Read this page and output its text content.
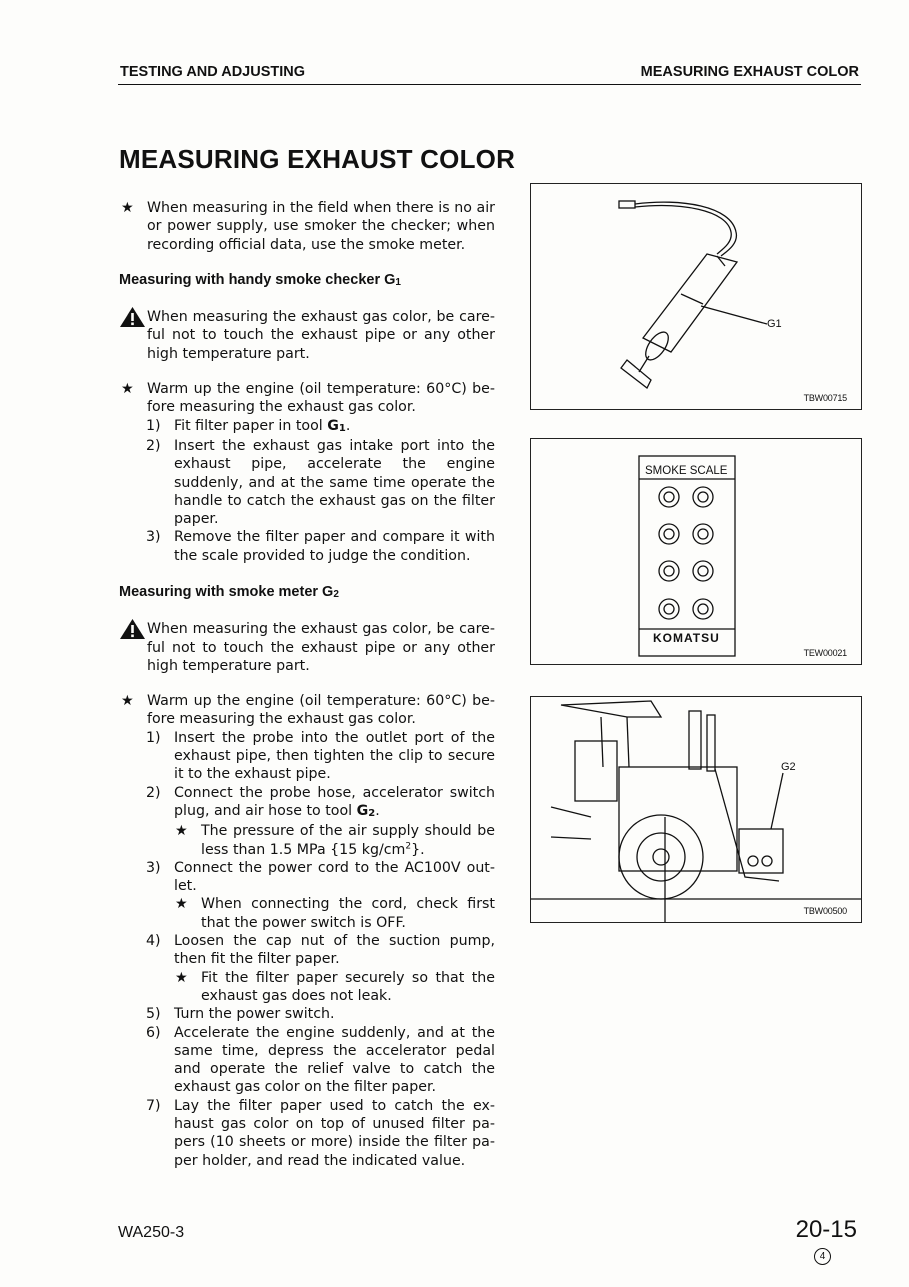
TESTING AND ADJUSTING	MEASURING EXHAUST COLOR
MEASURING EXHAUST COLOR

★ When measuring in the field when there is no air or power supply, use smoker the checker; when recording official data, use the smoke meter.

Measuring with handy smoke checker $G_1$

When measuring the exhaust gas color, be care-ful not to touch the exhaust pipe or any other high temperature part.

★ Warm up the engine (oil temperature: 60°C) be-fore measuring the exhaust gas color.

1) Fit filter paper in tool $G_1$.
2) Insert the exhaust gas intake port into the exhaust pipe, accelerate the engine suddenly, and at the same time operate the handle to catch the exhaust gas on the filter paper.
3) Remove the filter paper and compare it with the scale provided to judge the condition.

Measuring with smoke meter $G_2$

When measuring the exhaust gas color, be care-ful not to touch the exhaust pipe or any other high temperature part.

★ Warm up the engine (oil temperature: 60°C) be-fore measuring the exhaust gas color.

1) Insert the probe into the outlet port of the exhaust pipe, then tighten the clip to secure it to the exhaust pipe.
2) Connect the probe hose, accelerator switch plug, and air hose to tool $G_2$.
★ The pressure of the air supply should be less than 1.5 MPa {15 $kg/cm^2$}.
3) Connect the power cord to the AC100V out-let.
★ When connecting the cord, check first that the power switch is OFF.
4) Loosen the cap nut of the suction pump, then fit the filter paper.
★ Fit the filter paper securely so that the exhaust gas does not leak.
5) Turn the power switch.
6) Accelerate the engine suddenly, and at the same time, depress the accelerator pedal and operate the relief valve to catch the exhaust gas color on the filter paper.
7) Lay the filter paper used to catch the ex-haust gas color on top of unused filter pa-pers (10 sheets or more) inside the filter pa-per holder, and read the indicated value.
G1
TBW00715
SMOKE SCALE
KOMATSU
TEW00021
G2
TBW00500
WA250-3	20-15
4
